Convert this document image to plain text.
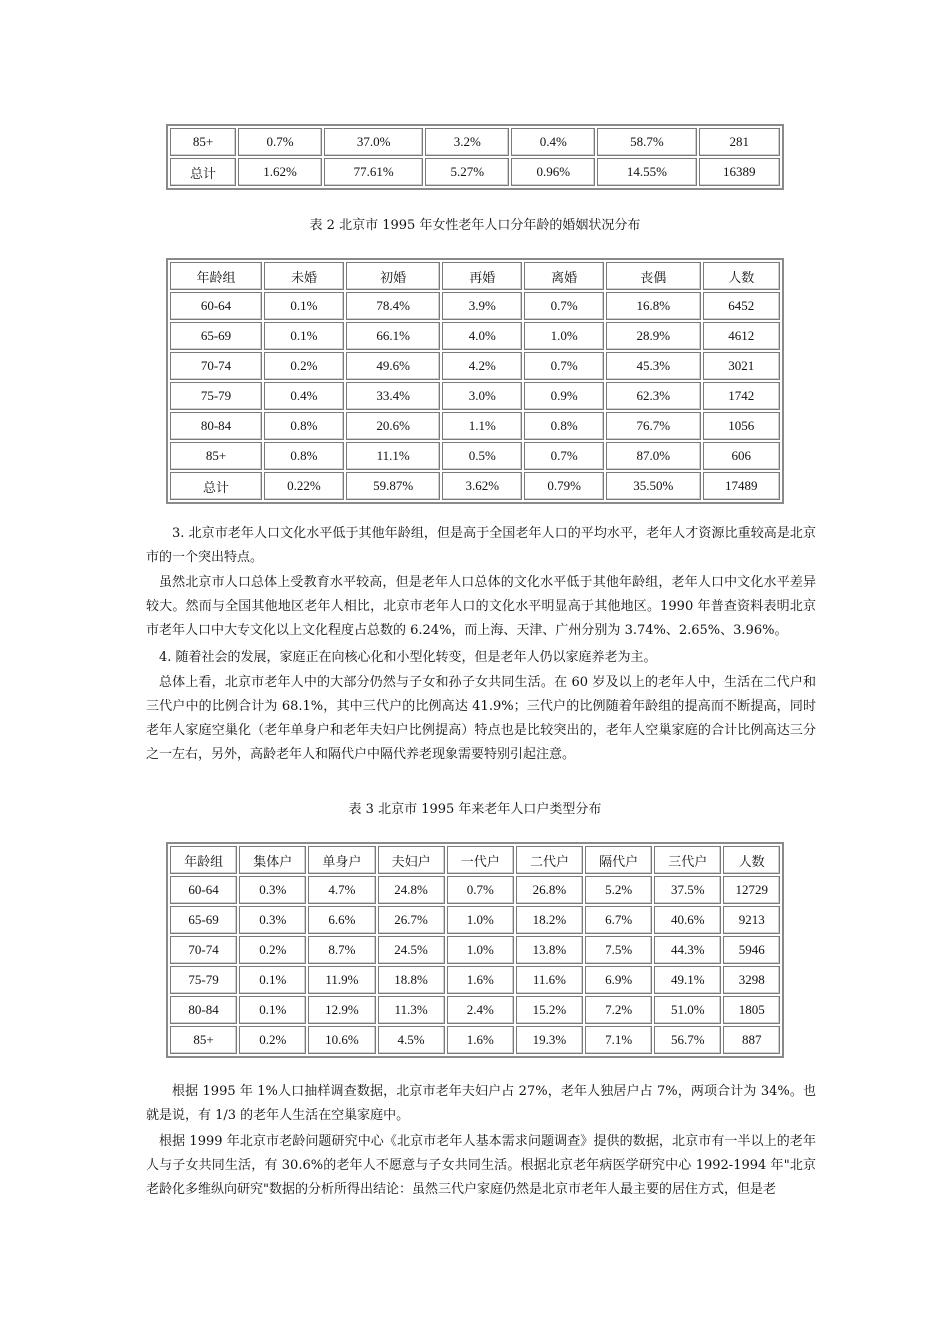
85+	0.7%	37.0%	3.2%	0.4%	58.7%	281
总计	1.62%	77.61%	5.27%	0.96%	14.55%	16389
表 2 北京市 1995 年女性老年人口分年龄的婚姻状况分布
年龄组	未婚	初婚	再婚	离婚	丧偶	人数
60-64	0.1%	78.4%	3.9%	0.7%	16.8%	6452
65-69	0.1%	66.1%	4.0%	1.0%	28.9%	4612
70-74	0.2%	49.6%	4.2%	0.7%	45.3%	3021
75-79	0.4%	33.4%	3.0%	0.9%	62.3%	1742
80-84	0.8%	20.6%	1.1%	0.8%	76.7%	1056
85+	0.8%	11.1%	0.5%	0.7%	87.0%	606
总计	0.22%	59.87%	3.62%	0.79%	35.50%	17489

3. 北京市老年人口文化水平低于其他年龄组，但是高于全国老年人口的平均水平，老年人才资源比重较高是北京市的一个突出特点。

虽然北京市人口总体上受教育水平较高，但是老年人口总体的文化水平低于其他年龄组，老年人口中文化水平差异较大。然而与全国其他地区老年人相比，北京市老年人口的文化水平明显高于其他地区。1990 年普查资料表明北京市老年人口中大专文化以上文化程度占总数的 6.24%，而上海、天津、广州分别为 3.74%、2.65%、3.96%。

4. 随着社会的发展，家庭正在向核心化和小型化转变，但是老年人仍以家庭养老为主。

总体上看，北京市老年人中的大部分仍然与子女和孙子女共同生活。在 60 岁及以上的老年人中，生活在二代户和三代户中的比例合计为 68.1%，其中三代户的比例高达 41.9%；三代户的比例随着年龄组的提高而不断提高，同时老年人家庭空巢化（老年单身户和老年夫妇户比例提高）特点也是比较突出的，老年人空巢家庭的合计比例高达三分之一左右，另外，高龄老年人和隔代户中隔代养老现象需要特别引起注意。

表 3 北京市 1995 年来老年人口户类型分布
年龄组	集体户	单身户	夫妇户	一代户	二代户	隔代户	三代户	人数
60-64	0.3%	4.7%	24.8%	0.7%	26.8%	5.2%	37.5%	12729
65-69	0.3%	6.6%	26.7%	1.0%	18.2%	6.7%	40.6%	9213
70-74	0.2%	8.7%	24.5%	1.0%	13.8%	7.5%	44.3%	5946
75-79	0.1%	11.9%	18.8%	1.6%	11.6%	6.9%	49.1%	3298
80-84	0.1%	12.9%	11.3%	2.4%	15.2%	7.2%	51.0%	1805
85+	0.2%	10.6%	4.5%	1.6%	19.3%	7.1%	56.7%	887

根据 1995 年 1%人口抽样调查数据，北京市老年夫妇户占 27%，老年人独居户占 7%，两项合计为 34%。也就是说，有 1/3 的老年人生活在空巢家庭中。

根据 1999 年北京市老龄问题研究中心《北京市老年人基本需求问题调查》提供的数据，北京市有一半以上的老年人与子女共同生活，有 30.6%的老年人不愿意与子女共同生活。根据北京老年病医学研究中心 1992-1994 年"北京老龄化多维纵向研究"数据的分析所得出结论：虽然三代户家庭仍然是北京市老年人最主要的居住方式，但是老
